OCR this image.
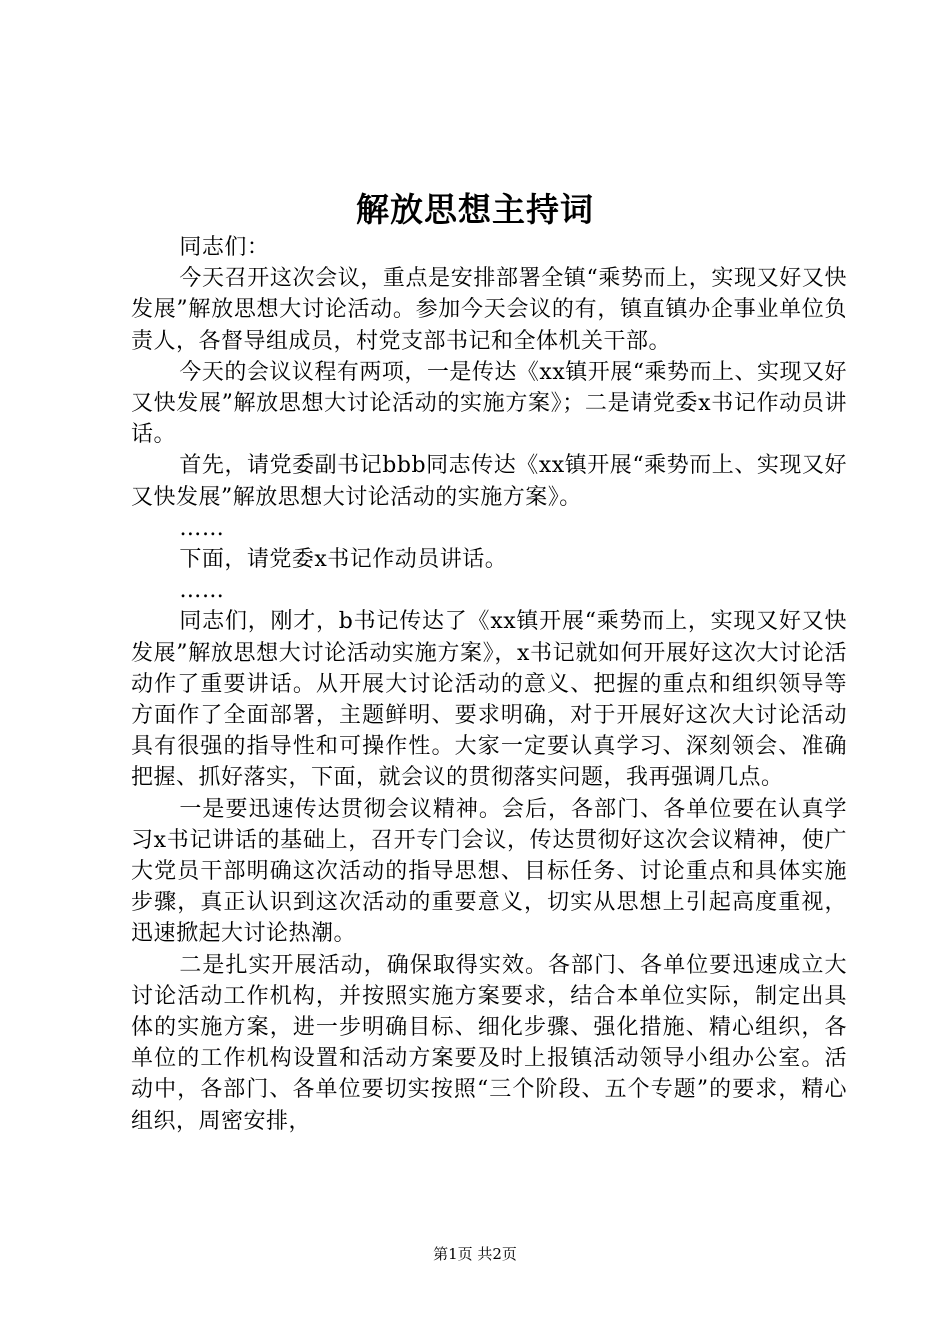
解放思想主持词

同志们：

今天召开这次会议，重点是安排部署全镇“乘势而上，实现又好又快发展”解放思想大讨论活动。参加今天会议的有，镇直镇办企事业单位负责人，各督导组成员，村党支部书记和全体机关干部。

今天的会议议程有两项，一是传达《xx镇开展“乘势而上、实现又好又快发展”解放思想大讨论活动的实施方案》；二是请党委x书记作动员讲话。

首先，请党委副书记bbb同志传达《xx镇开展“乘势而上、实现又好又快发展”解放思想大讨论活动的实施方案》。

……

下面，请党委x书记作动员讲话。

……

同志们，刚才，b书记传达了《xx镇开展“乘势而上，实现又好又快发展”解放思想大讨论活动实施方案》，x书记就如何开展好这次大讨论活动作了重要讲话。从开展大讨论活动的意义、把握的重点和组织领导等方面作了全面部署，主题鲜明、要求明确，对于开展好这次大讨论活动具有很强的指导性和可操作性。大家一定要认真学习、深刻领会、准确把握、抓好落实，下面，就会议的贯彻落实问题，我再强调几点。

一是要迅速传达贯彻会议精神。会后，各部门、各单位要在认真学习x书记讲话的基础上，召开专门会议，传达贯彻好这次会议精神，使广大党员干部明确这次活动的指导思想、目标任务、讨论重点和具体实施步骤，真正认识到这次活动的重要意义，切实从思想上引起高度重视，迅速掀起大讨论热潮。

二是扎实开展活动，确保取得实效。各部门、各单位要迅速成立大讨论活动工作机构，并按照实施方案要求，结合本单位实际，制定出具体的实施方案，进一步明确目标、细化步骤、强化措施、精心组织，各单位的工作机构设置和活动方案要及时上报镇活动领导小组办公室。活动中，各部门、各单位要切实按照“三个阶段、五个专题”的要求，精心组织，周密安排，

第1页 共2页
